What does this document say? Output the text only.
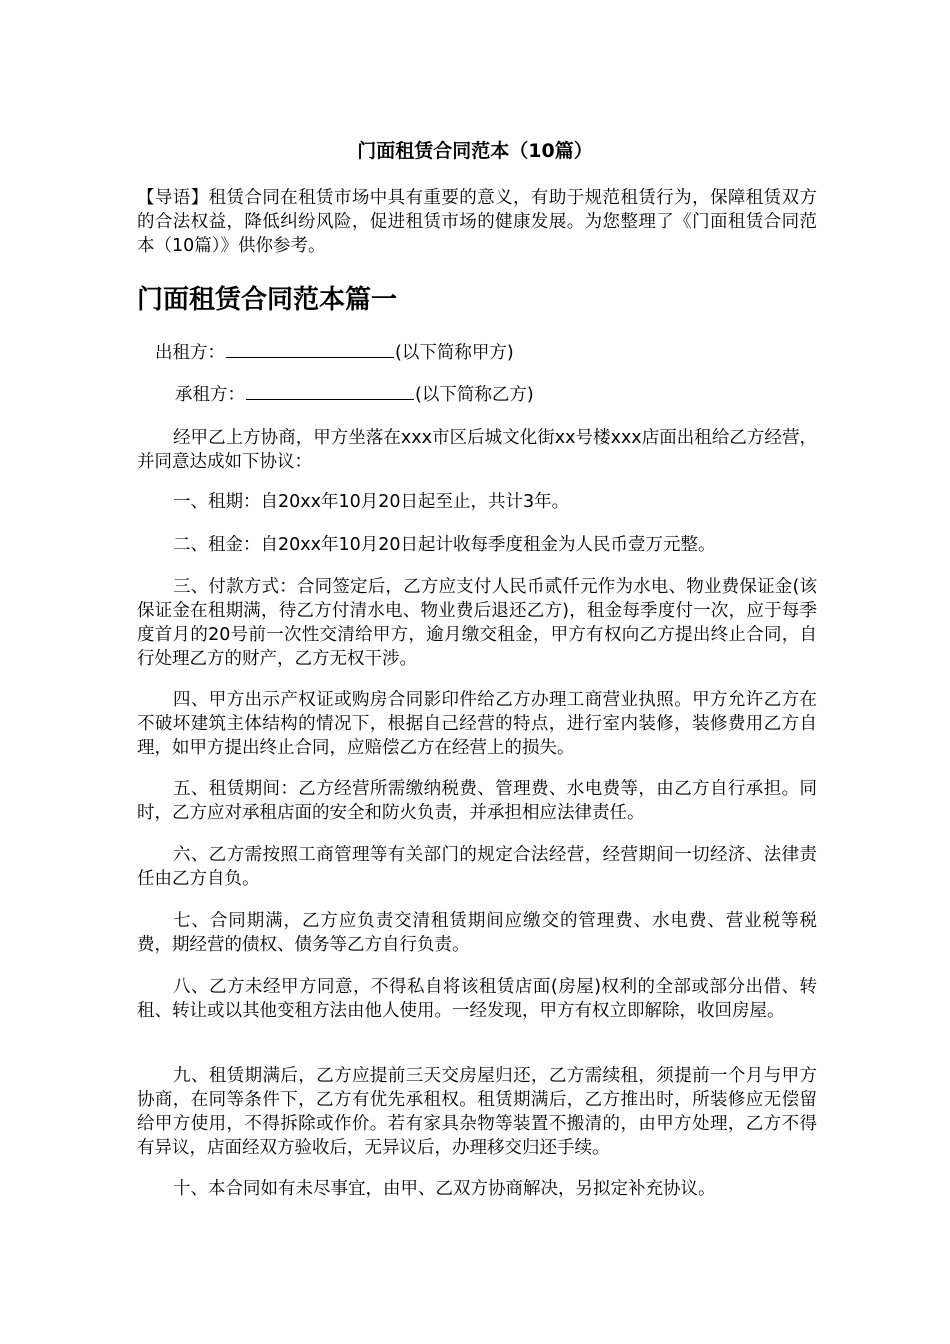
门面租赁合同范本（10篇）

【导语】租赁合同在租赁市场中具有重要的意义，有助于规范租赁行为，保障租赁双方的合法权益，降低纠纷风险，促进租赁市场的健康发展。为您整理了《门面租赁合同范本（10篇）》供你参考。

门面租赁合同范本篇一

出租方：	(以下简称甲方)

承租方：	(以下简称乙方)

经甲乙上方协商，甲方坐落在xxx市区后城文化街xx号楼xxx店面出租给乙方经营，并同意达成如下协议：

一、租期：自20xx年10月20日起至止，共计3年。

二、租金：自20xx年10月20日起计收每季度租金为人民币壹万元整。

三、付款方式：合同签定后，乙方应支付人民币贰仟元作为水电、物业费保证金(该保证金在租期满，待乙方付清水电、物业费后退还乙方)，租金每季度付一次，应于每季度首月的20号前一次性交清给甲方，逾月缴交租金，甲方有权向乙方提出终止合同，自行处理乙方的财产，乙方无权干涉。

四、甲方出示产权证或购房合同影印件给乙方办理工商营业执照。甲方允许乙方在不破坏建筑主体结构的情况下，根据自己经营的特点，进行室内装修，装修费用乙方自理，如甲方提出终止合同，应赔偿乙方在经营上的损失。

五、租赁期间：乙方经营所需缴纳税费、管理费、水电费等，由乙方自行承担。同时，乙方应对承租店面的安全和防火负责，并承担相应法律责任。

六、乙方需按照工商管理等有关部门的规定合法经营，经营期间一切经济、法律责任由乙方自负。

七、合同期满，乙方应负责交清租赁期间应缴交的管理费、水电费、营业税等税费，期经营的债权、债务等乙方自行负责。

八、乙方未经甲方同意，不得私自将该租赁店面(房屋)权利的全部或部分出借、转租、转让或以其他变租方法由他人使用。一经发现，甲方有权立即解除，收回房屋。

九、租赁期满后，乙方应提前三天交房屋归还，乙方需续租，须提前一个月与甲方协商，在同等条件下，乙方有优先承租权。租赁期满后，乙方推出时，所装修应无偿留给甲方使用，不得拆除或作价。若有家具杂物等装置不搬清的，由甲方处理，乙方不得有异议，店面经双方验收后，无异议后，办理移交归还手续。

十、本合同如有未尽事宜，由甲、乙双方协商解决，另拟定补充协议。
